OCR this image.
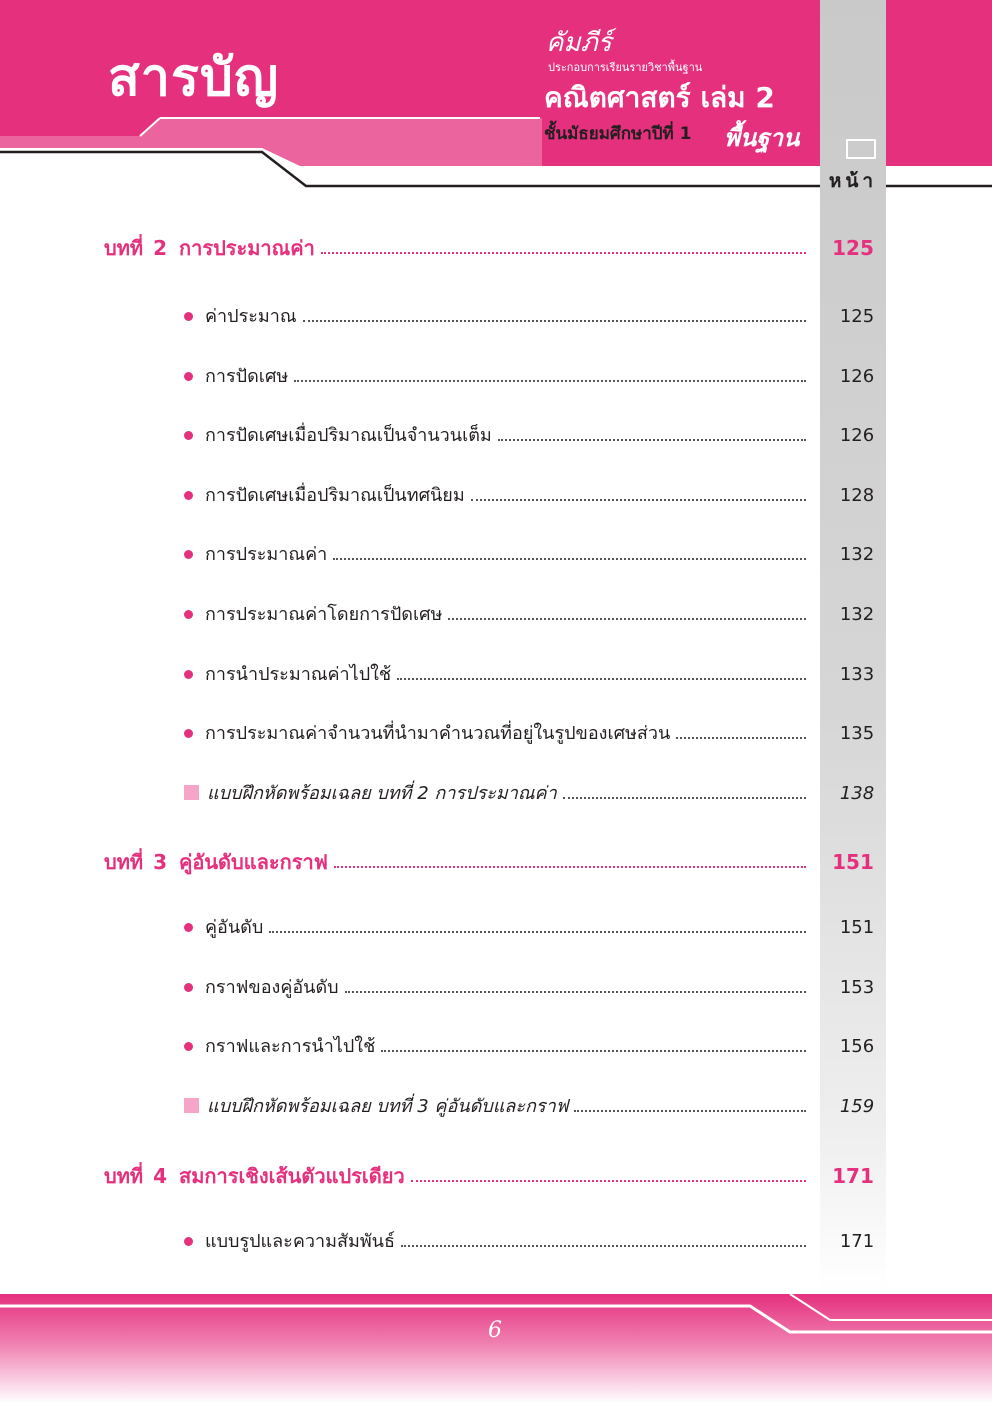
สารบัญ
คัมภีร์
ประกอบการเรียนรายวิชาพื้นฐาน
คณิตศาสตร์ เล่ม 2
ชั้นมัธยมศึกษาปีที่ 1 พื้นฐาน
หน้า
บทที่ 2 การประมาณค่า	125
ค่าประมาณ	125
การปัดเศษ	126
การปัดเศษเมื่อปริมาณเป็นจำนวนเต็ม	126
การปัดเศษเมื่อปริมาณเป็นทศนิยม	128
การประมาณค่า	132
การประมาณค่าโดยการปัดเศษ	132
การนำประมาณค่าไปใช้	133
การประมาณค่าจำนวนที่นำมาคำนวณที่อยู่ในรูปของเศษส่วน	135
แบบฝึกหัดพร้อมเฉลย บทที่ 2 การประมาณค่า	138
บทที่ 3 คู่อันดับและกราฟ	151
คู่อันดับ	151
กราฟของคู่อันดับ	153
กราฟและการนำไปใช้	156
แบบฝึกหัดพร้อมเฉลย บทที่ 3 คู่อันดับและกราฟ	159
บทที่ 4 สมการเชิงเส้นตัวแปรเดียว	171
แบบรูปและความสัมพันธ์	171
6
